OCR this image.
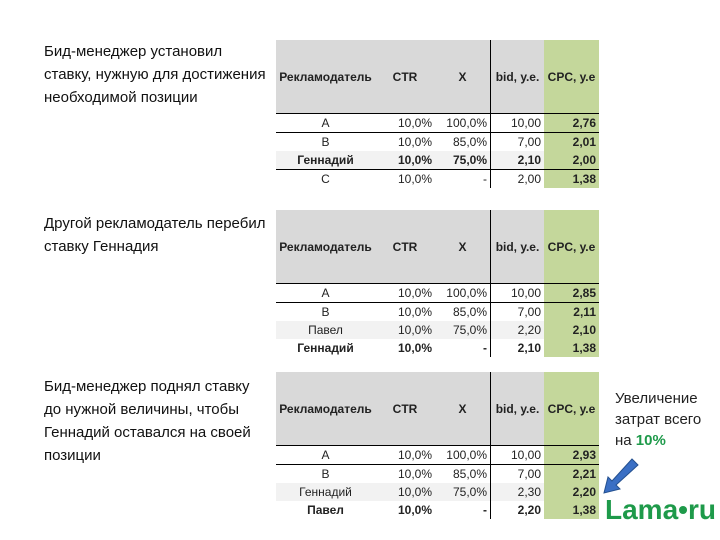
Бид-менеджер установил ставку, нужную для достижения необходимой позиции
Другой рекламодатель перебил ставку Геннадия
Бид-менеджер поднял ставку до нужной величины, чтобы Геннадий оставался на своей позиции
Рекламодатель	CTR	X	bid, у.е.	CPC, у.е
А	10,0%	100,0%	10,00	2,76
В	10,0%	85,0%	7,00	2,01
Геннадий	10,0%	75,0%	2,10	2,00
С	10,0%	-	2,00	1,38
Рекламодатель	CTR	X	bid, у.е.	CPC, у.е
А	10,0%	100,0%	10,00	2,85
В	10,0%	85,0%	7,00	2,11
Павел	10,0%	75,0%	2,20	2,10
Геннадий	10,0%	-	2,10	1,38
Рекламодатель	CTR	X	bid, у.е.	CPC, у.е
А	10,0%	100,0%	10,00	2,93
В	10,0%	85,0%	7,00	2,21
Геннадий	10,0%	75,0%	2,30	2,20
Павел	10,0%	-	2,20	1,38
Увеличение
затрат всего
на 10%
Lama•ru
